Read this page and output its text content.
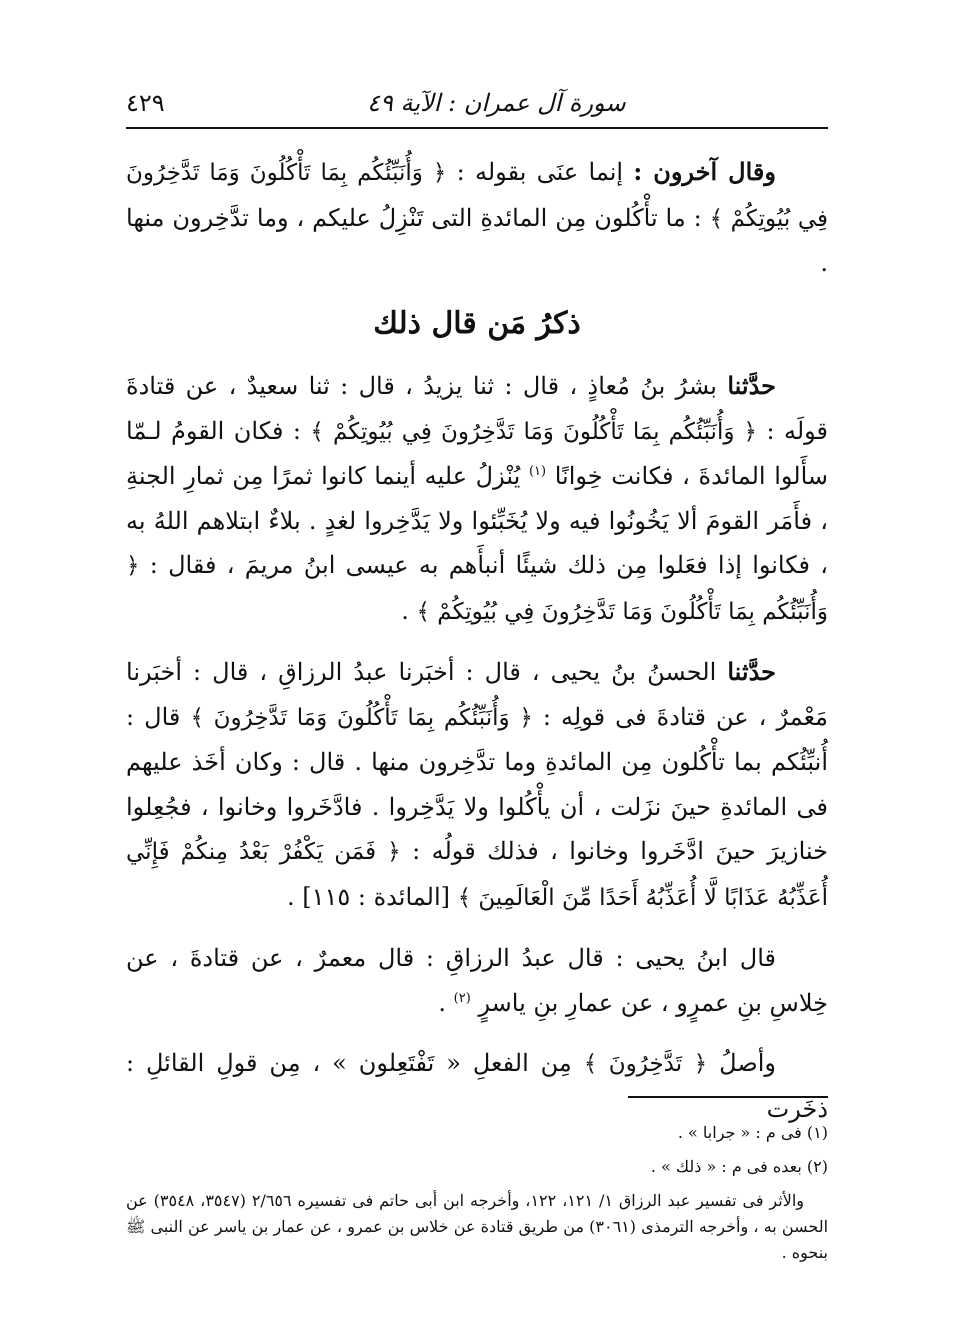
سورة آل عمران : الآية ٤٩
٤٢٩

وقال آخرون : إنما عنَى بقوله : ﴿ وَأُنَبِّئُكُم بِمَا تَأْكُلُونَ وَمَا تَدَّخِرُونَ فِي بُيُوتِكُمْ ﴾ : ما تأْكُلون مِن المائدةِ التى تَنْزِلُ عليكم ، وما تدَّخِرون منها .

ذكرُ مَن قال ذلك

حدَّثنا بشرُ بنُ مُعاذٍ ، قال : ثنا يزيدُ ، قال : ثنا سعيدٌ ، عن قتادةَ قولَه : ﴿ وَأُنَبِّئُكُم بِمَا تَأْكُلُونَ وَمَا تَدَّخِرُونَ فِي بُيُوتِكُمْ ﴾ : فكان القومُ لـمّا سأَلوا المائدةَ ، فكانت خِوانًا $^{(١)}$ يُنْزلُ عليه أينما كانوا ثمرًا مِن ثمارِ الجنةِ ، فأَمَر القومَ ألا يَخُونُوا فيه ولا يُخَبِّئوا ولا يَدَّخِروا لغدٍ . بلاءٌ ابتلاهم اللهُ به ، فكانوا إذا فعَلوا مِن ذلك شيئًا أنبأَهم به عيسى ابنُ مريمَ ، فقال : ﴿ وَأُنَبِّئُكُم بِمَا تَأْكُلُونَ وَمَا تَدَّخِرُونَ فِي بُيُوتِكُمْ ﴾ .

حدَّثنا الحسنُ بنُ يحيى ، قال : أخبَرنا عبدُ الرزاقِ ، قال : أخبَرنا مَعْمرٌ ، عن قتادةَ فى قولِه : ﴿ وَأُنَبِّئُكُم بِمَا تَأْكُلُونَ وَمَا تَدَّخِرُونَ ﴾ قال : أُنبِّئُكم بما تأْكُلون مِن المائدةِ وما تدَّخِرون منها . قال : وكان أخَذ عليهم فى المائدةِ حينَ نزَلت ، أن يأْكُلوا ولا يَدَّخِروا . فادَّخَروا وخانوا ، فجُعِلوا خنازيرَ حينَ ادَّخَروا وخانوا ، فذلك قولُه : ﴿ فَمَن يَكْفُرْ بَعْدُ مِنكُمْ فَإِنِّي أُعَذِّبُهُ عَذَابًا لَّا أُعَذِّبُهُ أَحَدًا مِّنَ الْعَالَمِينَ ﴾ [المائدة : ١١٥] .

قال ابنُ يحيى : قال عبدُ الرزاقِ : قال معمرٌ ، عن قتادةَ ، عن خِلاسِ بنِ عمرٍو ، عن عمارِ بنِ ياسرٍ $^{(٢)}$ .

وأصلُ ﴿ تَدَّخِرُونَ ﴾ مِن الفعلِ « تَفْتَعِلون » ، مِن قولِ القائلِ : ذخَرت

(١) فى م : « جرابا » .

(٢) بعده فى م : « ذلك » .

والأثر فى تفسير عبد الرزاق ١/ ١٢١، ١٢٢، وأخرجه ابن أبى حاتم فى تفسيره ٢/٦٥٦ (٣٥٤٧، ٣٥٤٨) عن الحسن به ، وأخرجه الترمذى (٣٠٦١) من طريق قتادة عن خلاس بن عمرو ، عن عمار بن ياسر عن النبى ﷺ بنحوه .
